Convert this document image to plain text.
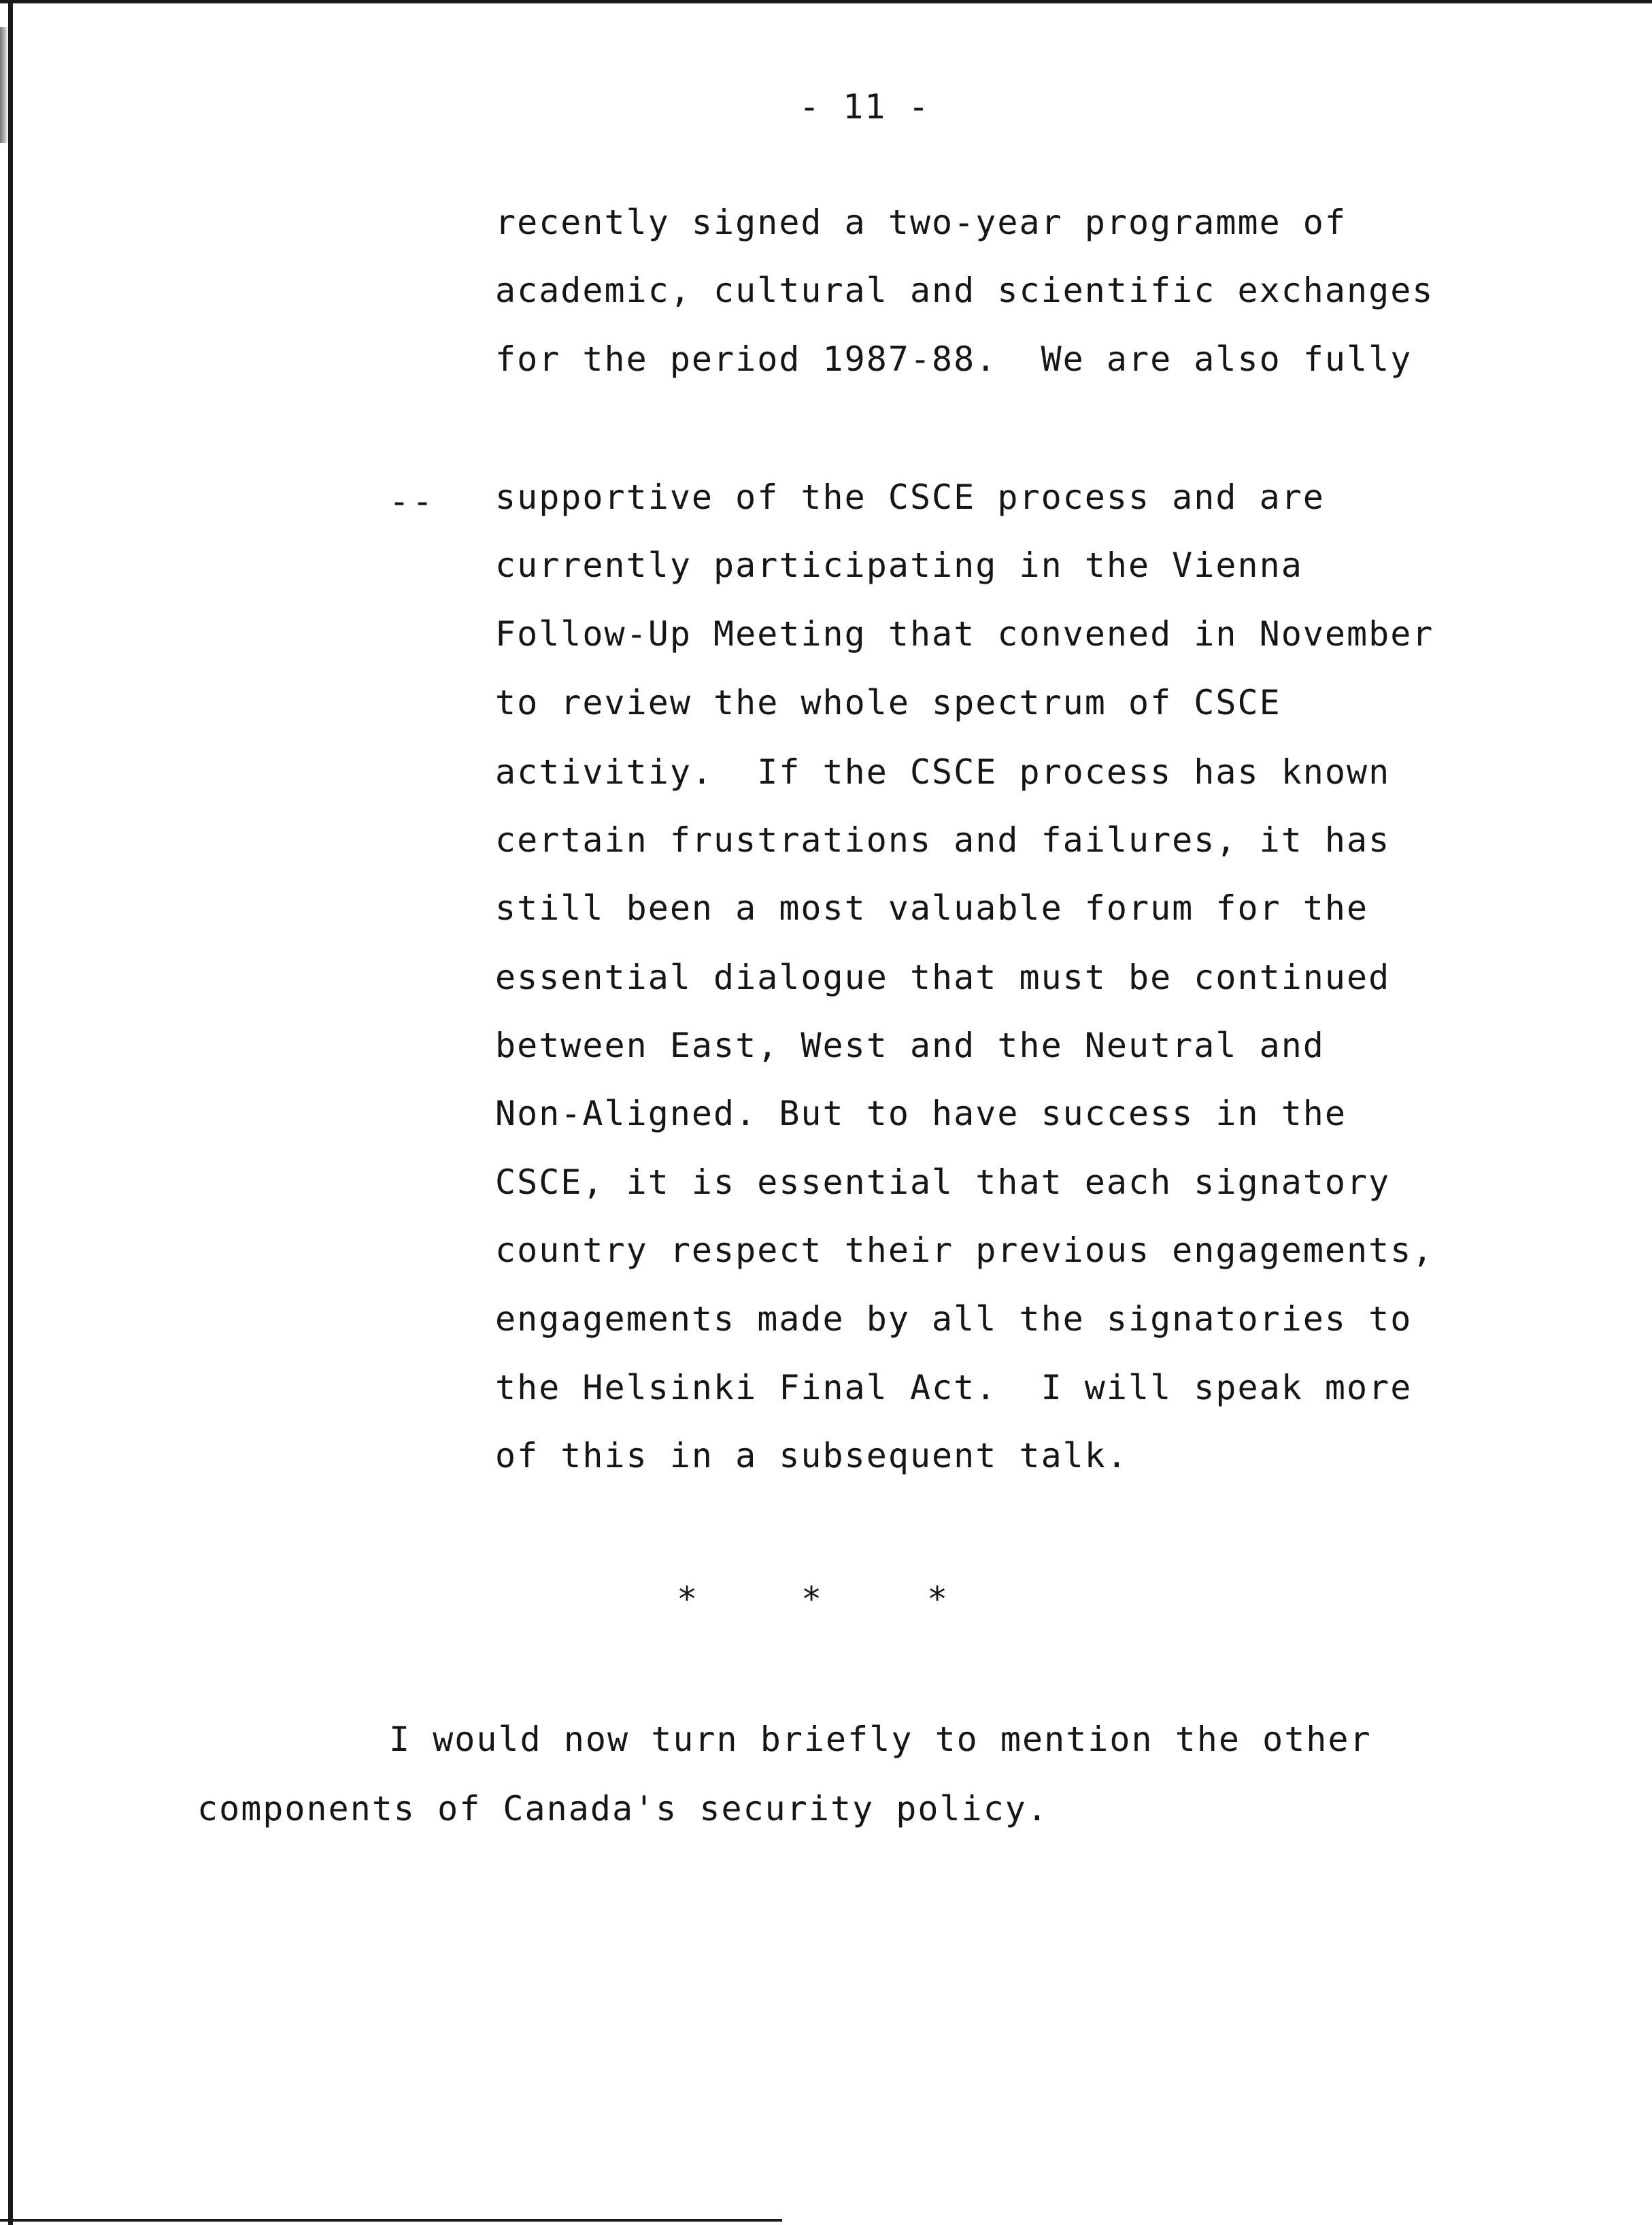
- 11 -
recently signed a two-year programme of
academic, cultural and scientific exchanges
for the period 1987-88.  We are also fully
-- supportive of the CSCE process and are
currently participating in the Vienna
Follow-Up Meeting that convened in November
to review the whole spectrum of CSCE
activitiy.  If the CSCE process has known
certain frustrations and failures, it has
still been a most valuable forum for the
essential dialogue that must be continued
between East, West and the Neutral and
Non-Aligned. But to have success in the
CSCE, it is essential that each signatory
country respect their previous engagements,
engagements made by all the signatories to
the Helsinki Final Act.  I will speak more
of this in a subsequent talk.
*	*	*
I would now turn briefly to mention the other
components of Canada's security policy.
